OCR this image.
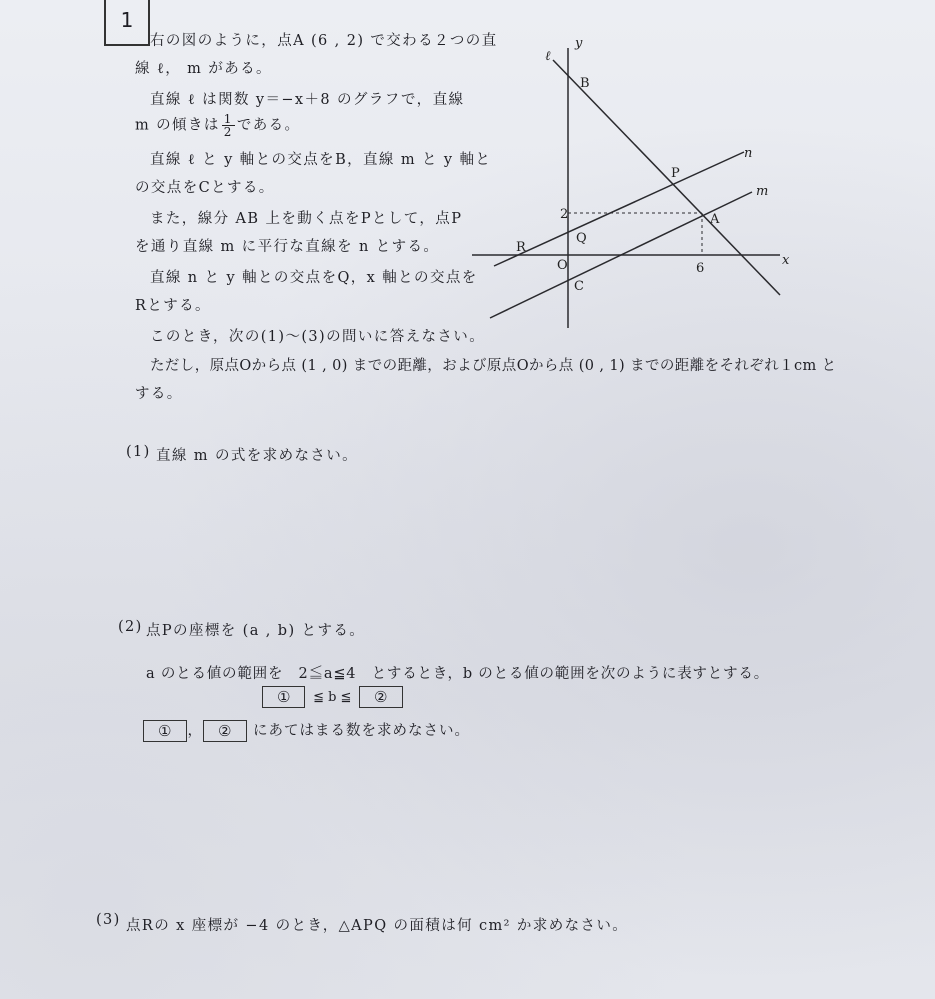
1
右の図のように，点A (6 , 2) で交わる２つの直
線 ℓ， m がある。
直線 ℓ は関数 y＝−x＋8 のグラフで，直線
m の傾きは $\frac{1}{2}$ である。
直線 ℓ と y 軸との交点をB，直線 m と y 軸と
の交点をCとする。
また，線分 AB 上を動く点をPとして，点P
を通り直線 m に平行な直線を n とする。
直線 n と y 軸との交点をQ，x 軸との交点を
Rとする。
このとき，次の(1)～(3)の問いに答えなさい。
ただし，原点Oから点 (1 , 0) までの距離，および原点Oから点 (0 , 1) までの距離をそれぞれ１cm と
する。
ℓ
y
B
P
n
m
2	A
Q
R
O	6
x
C
(1) 直線 m の式を求めなさい。
(2) 点Pの座標を (a , b) とする。
a のとる値の範囲を　2≦a≦4　とするとき，b のとる値の範囲を次のように表すとする。
① ≦ b ≦ ②
① ， ② にあてはまる数を求めなさい。
(3) 点Rの x 座標が −4 のとき，△APQ の面積は何 cm² か求めなさい。
